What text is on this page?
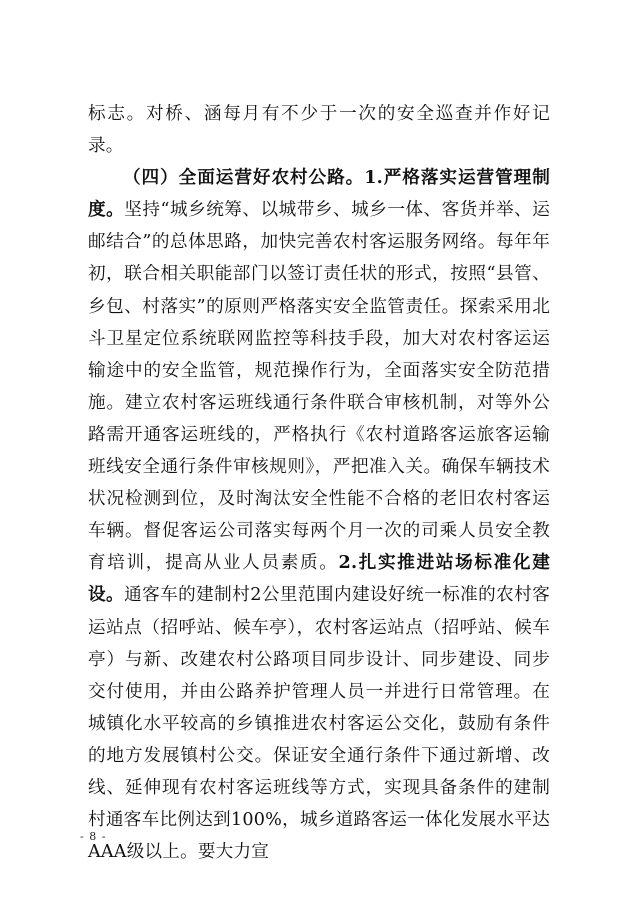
标志。对桥、涵每月有不少于一次的安全巡查并作好记录。

（四）全面运营好农村公路。1.严格落实运营管理制度。坚持“城乡统筹、以城带乡、城乡一体、客货并举、运邮结合”的总体思路，加快完善农村客运服务网络。每年年初，联合相关职能部门以签订责任状的形式，按照“县管、乡包、村落实”的原则严格落实安全监管责任。探索采用北斗卫星定位系统联网监控等科技手段，加大对农村客运运输途中的安全监管，规范操作行为，全面落实安全防范措施。建立农村客运班线通行条件联合审核机制，对等外公路需开通客运班线的，严格执行《农村道路客运旅客运输班线安全通行条件审核规则》，严把准入关。确保车辆技术状况检测到位，及时淘汰安全性能不合格的老旧农村客运车辆。督促客运公司落实每两个月一次的司乘人员安全教育培训，提高从业人员素质。2.扎实推进站场标准化建设。通客车的建制村2公里范围内建设好统一标准的农村客运站点（招呼站、候车亭），农村客运站点（招呼站、候车亭）与新、改建农村公路项目同步设计、同步建设、同步交付使用，并由公路养护管理人员一并进行日常管理。在城镇化水平较高的乡镇推进农村客运公交化，鼓励有条件的地方发展镇村公交。保证安全通行条件下通过新增、改线、延伸现有农村客运班线等方式，实现具备条件的建制村通客车比例达到100%，城乡道路客运一体化发展水平达AAA级以上。要大力宣

- 8 -
